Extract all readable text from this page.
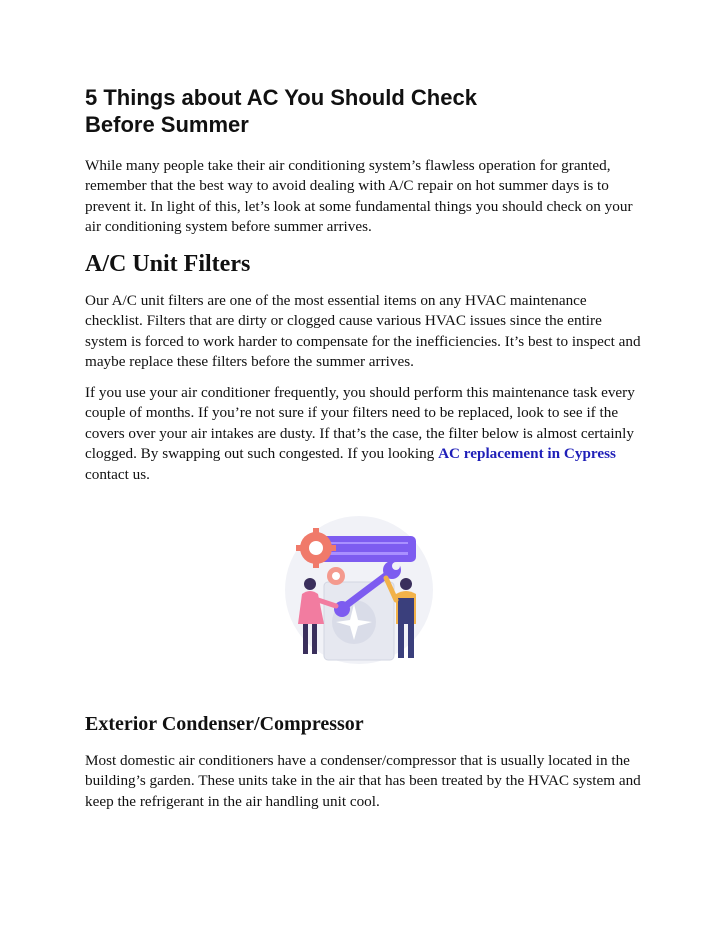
5 Things about AC You Should Check
Before Summer

While many people take their air conditioning system’s flawless operation for granted, remember that the best way to avoid dealing with A/C repair on hot summer days is to prevent it. In light of this, let’s look at some fundamental things you should check on your air conditioning system before summer arrives.

A/C Unit Filters

Our A/C unit filters are one of the most essential items on any HVAC maintenance checklist. Filters that are dirty or clogged cause various HVAC issues since the entire system is forced to work harder to compensate for the inefficiencies. It’s best to inspect and maybe replace these filters before the summer arrives.

If you use your air conditioner frequently, you should perform this maintenance task every couple of months. If you’re not sure if your filters need to be replaced, look to see if the covers over your air intakes are dusty. If that’s the case, the filter below is almost certainly clogged. By swapping out such congested. If you looking AC replacement in Cypress contact us.

Exterior Condenser/Compressor

Most domestic air conditioners have a condenser/compressor that is usually located in the building’s garden. These units take in the air that has been treated by the HVAC system and keep the refrigerant in the air handling unit cool.
